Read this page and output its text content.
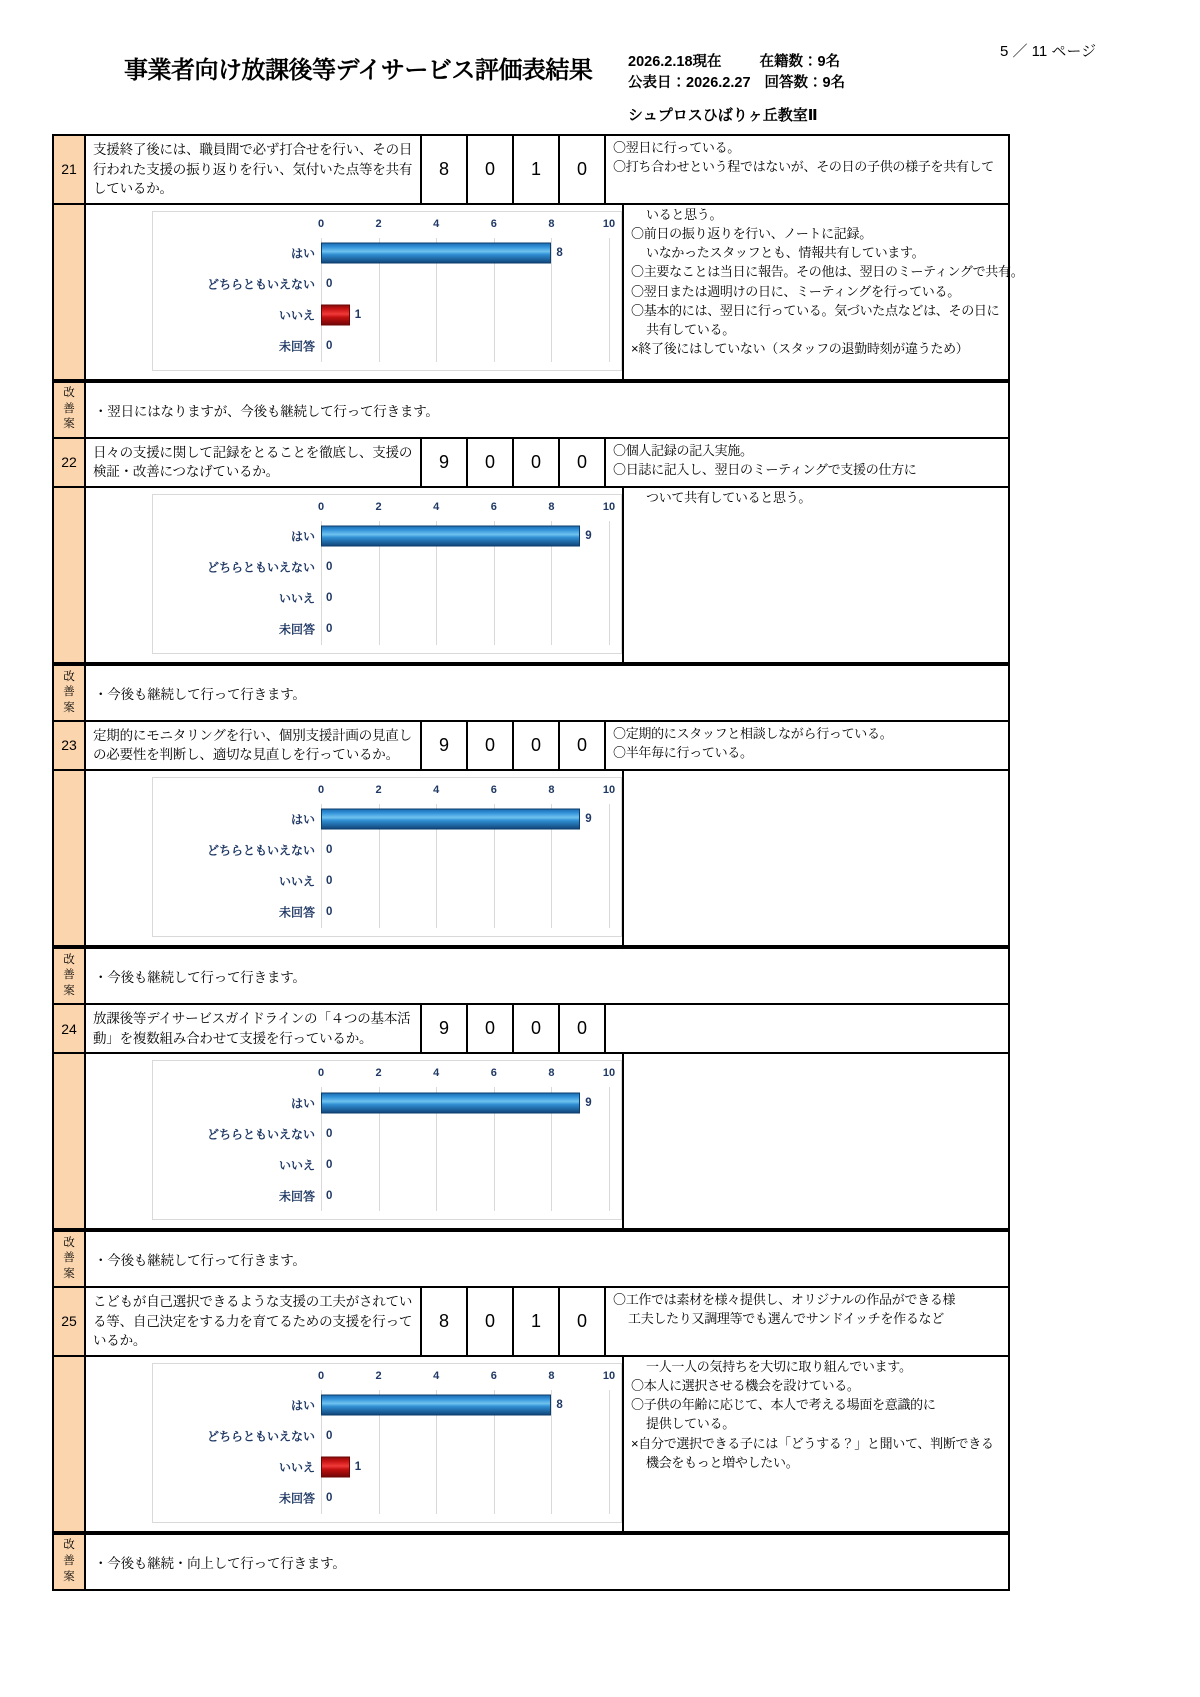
事業者向け放課後等デイサービス評価表結果 2026.2.18現在	在籍数：9名
公表日：2026.2.27 回答数：9名
シュプロスひばりヶ丘教室Ⅱ
5 ／ 11 ページ
21
支援終了後には、職員間で必ず打合せを行い、その日行われた支援の振り返りを行い、気付いた点等を共有しているか。
8	0	1	0
〇翌日に行っている。
〇打ち合わせという程ではないが、その日の子供の様子を共有して
0	2	4	6	8	10
はい	8
どちらともいえない 0
いいえ	1
未回答 0
いると思う。
〇前日の振り返りを行い、ノートに記録。
いなかったスタッフとも、情報共有しています。
〇主要なことは当日に報告。その他は、翌日のミーティングで共有。
〇翌日または週明けの日に、ミーティングを行っている。
〇基本的には、翌日に行っている。気づいた点などは、その日に
共有している。
×終了後にはしていない（スタッフの退勤時刻が違うため）
改
善
案
・翌日にはなりますが、今後も継続して行って行きます。
22
日々の支援に関して記録をとることを徹底し、支援の検証・改善につなげているか。	9	0	0	0
〇個人記録の記入実施。
〇日誌に記入し、翌日のミーティングで支援の仕方に
0	2	4	6	8	10
はい	9
どちらともいえない 0
いいえ 0
未回答 0
ついて共有していると思う。
改
善
案
・今後も継続して行って行きます。
23
定期的にモニタリングを行い、個別支援計画の見直しの必要性を判断し、適切な見直しを行っているか。	9	0	0	0
〇定期的にスタッフと相談しながら行っている。
〇半年毎に行っている。
0	2	4	6	8	10
はい	9
どちらともいえない 0
いいえ 0
未回答 0
改
善
案
・今後も継続して行って行きます。
24
放課後等デイサービスガイドラインの「４つの基本活動」を複数組み合わせて支援を行っているか。	9	0	0	0
0	2	4	6	8	10
はい	9
どちらともいえない 0
いいえ 0
未回答 0
改
善
案
・今後も継続して行って行きます。
25
こどもが自己選択できるような支援の工夫がされている等、自己決定をする力を育てるための支援を行っているか。
8	0	1	0
〇工作では素材を様々提供し、オリジナルの作品ができる様
工夫したり又調理等でも選んでサンドイッチを作るなど
0	2	4	6	8	10
はい	8
どちらともいえない 0
いいえ	1
未回答 0
一人一人の気持ちを大切に取り組んでいます。
〇本人に選択させる機会を設けている。
〇子供の年齢に応じて、本人で考える場面を意識的に
提供している。
×自分で選択できる子には「どうする？」と聞いて、判断できる
機会をもっと増やしたい。
改
善
案
・今後も継続・向上して行って行きます。
